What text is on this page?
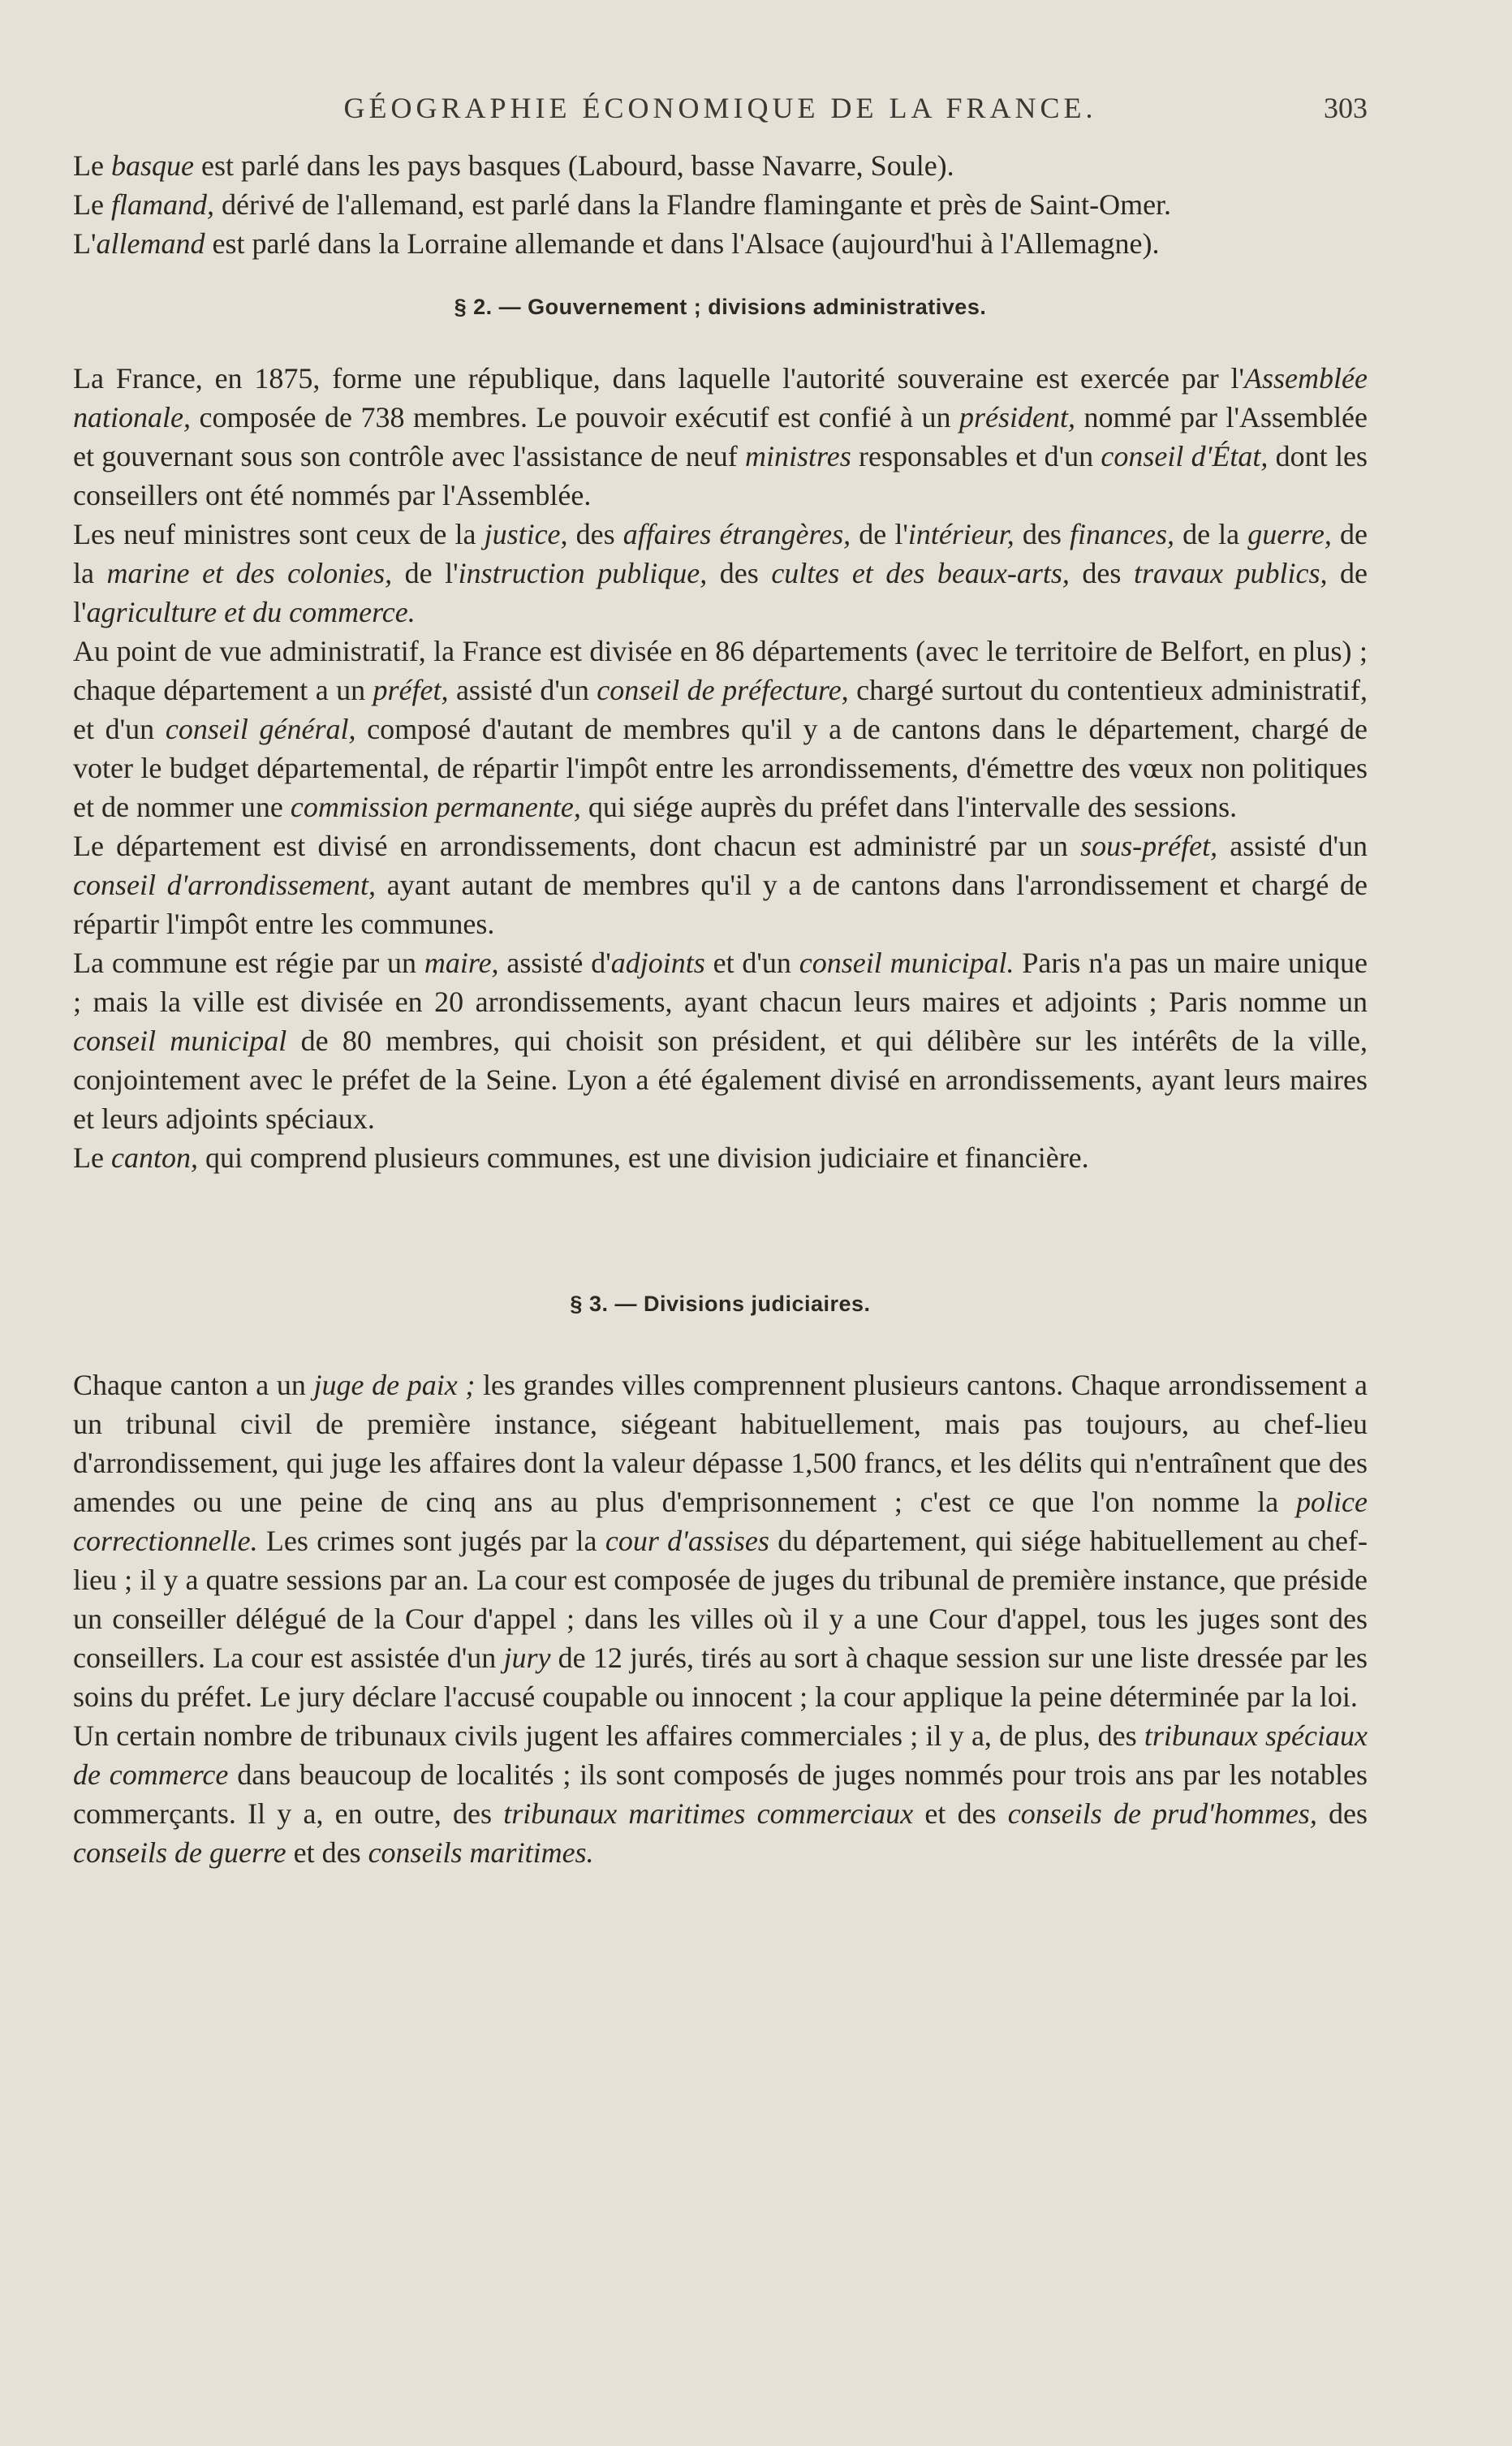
GÉOGRAPHIE ÉCONOMIQUE DE LA FRANCE.	303

Le basque est parlé dans les pays basques (Labourd, basse Navarre, Soule).

Le flamand, dérivé de l'allemand, est parlé dans la Flandre flamingante et près de Saint-Omer.

L'allemand est parlé dans la Lorraine allemande et dans l'Alsace (aujourd'hui à l'Allemagne).

§ 2. — Gouvernement ; divisions administratives.

La France, en 1875, forme une république, dans laquelle l'autorité souveraine est exercée par l'Assemblée nationale, composée de 738 membres. Le pouvoir exécutif est confié à un président, nommé par l'Assemblée et gouvernant sous son contrôle avec l'assistance de neuf ministres responsables et d'un conseil d'État, dont les conseillers ont été nommés par l'Assemblée.

Les neuf ministres sont ceux de la justice, des affaires étrangères, de l'intérieur, des finances, de la guerre, de la marine et des colonies, de l'instruction publique, des cultes et des beaux-arts, des travaux publics, de l'agriculture et du commerce.

Au point de vue administratif, la France est divisée en 86 départements (avec le territoire de Belfort, en plus) ; chaque département a un préfet, assisté d'un conseil de préfecture, chargé surtout du contentieux administratif, et d'un conseil général, composé d'autant de membres qu'il y a de cantons dans le département, chargé de voter le budget départemental, de répartir l'impôt entre les arrondissements, d'émettre des vœux non politiques et de nommer une commission permanente, qui siége auprès du préfet dans l'intervalle des sessions.

Le département est divisé en arrondissements, dont chacun est administré par un sous-préfet, assisté d'un conseil d'arrondissement, ayant autant de membres qu'il y a de cantons dans l'arrondissement et chargé de répartir l'impôt entre les communes.

La commune est régie par un maire, assisté d'adjoints et d'un conseil municipal. Paris n'a pas un maire unique ; mais la ville est divisée en 20 arrondissements, ayant chacun leurs maires et adjoints ; Paris nomme un conseil municipal de 80 membres, qui choisit son président, et qui délibère sur les intérêts de la ville, conjointement avec le préfet de la Seine. Lyon a été également divisé en arrondissements, ayant leurs maires et leurs adjoints spéciaux.

Le canton, qui comprend plusieurs communes, est une division judiciaire et financière.

§ 3. — Divisions judiciaires.

Chaque canton a un juge de paix ; les grandes villes comprennent plusieurs cantons. Chaque arrondissement a un tribunal civil de première instance, siégeant habituellement, mais pas toujours, au chef-lieu d'arrondissement, qui juge les affaires dont la valeur dépasse 1,500 francs, et les délits qui n'entraînent que des amendes ou une peine de cinq ans au plus d'emprisonnement ; c'est ce que l'on nomme la police correctionnelle. Les crimes sont jugés par la cour d'assises du département, qui siége habituellement au chef-lieu ; il y a quatre sessions par an. La cour est composée de juges du tribunal de première instance, que préside un conseiller délégué de la Cour d'appel ; dans les villes où il y a une Cour d'appel, tous les juges sont des conseillers. La cour est assistée d'un jury de 12 jurés, tirés au sort à chaque session sur une liste dressée par les soins du préfet. Le jury déclare l'accusé coupable ou innocent ; la cour applique la peine déterminée par la loi.

Un certain nombre de tribunaux civils jugent les affaires commerciales ; il y a, de plus, des tribunaux spéciaux de commerce dans beaucoup de localités ; ils sont composés de juges nommés pour trois ans par les notables commerçants. Il y a, en outre, des tribunaux maritimes commerciaux et des conseils de prud'hommes, des conseils de guerre et des conseils maritimes.
